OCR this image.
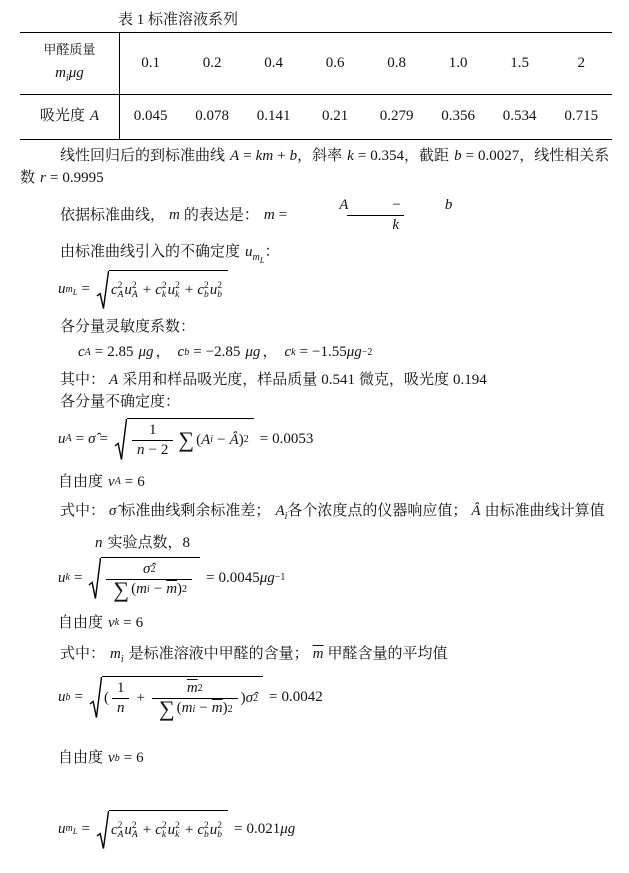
表 1 标准溶液系列
甲醛质量
$m_i\mu g$	0.1	0.2	0.4	0.6	0.8	1.0	1.5	2
吸光度 A	0.045	0.078	0.141	0.21	0.279	0.356	0.534	0.715

线性回归后的到标准曲线 A = km + b，斜率 k = 0.354，截距 b = 0.0027，线性相关系数 r = 0.9995

依据标准曲线， m 的表达是： m = A	−	b
k

由标准曲线引入的不确定度 $u_{m_L}$：

u $m_L = c$ 2
A u 2
A + c 2
k u 2
k + c 2
b u 2
b

各分量灵敏度系数：

c A = 2.85 μg ， c b = −2.85 μg ， c k = −1.55 μg −2

其中： A 采用和样品吸光度，样品质量 0.541 微克，吸光度 0.194

各分量不确定度：

u A = σ̂ = $\frac{1}{n - 2}$ ∑ ( A i − Â ) 2 = 0.0053
自由度 ν A = 6

式中： σ̂ 标准曲线剩余标准差； $A_i$各个浓度点的仪器响应值； Â 由标准曲线计算值

n 实验点数， 8
u $k = \frac{\sigmâ 2}{\sum ( m i - \overline{m} ) 2} = 0.0045$ μg −1
自由度 ν k = 6

式中： $m_i$ 是标准溶液中甲醛的含量； $\overline{m}$ 甲醛含量的平均值

u b = ( $\frac{1}{n} + \frac{\overline{m} 2}{\sum ( m i - \overline{m} ) 2}$ ) σ̂ 2 = 0.0042
自由度 ν b = 6
u $m_L = c$ 2
A u 2
A + c 2
k u 2
k + c 2
b u 2
b = 0.021 μg
